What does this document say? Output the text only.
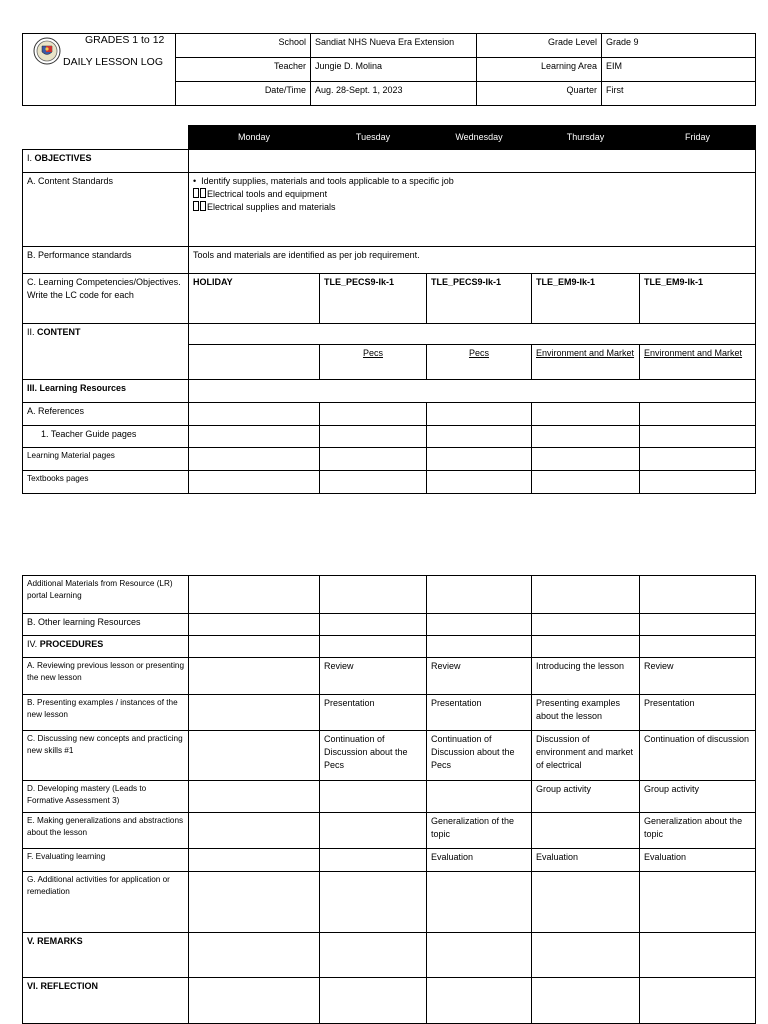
GRADES 1 to 12
DAILY LESSON LOG	School	Sandiat NHS Nueva Era Extension	Grade Level	Grade 9
	Teacher	Jungie D. Molina	Learning Area	EIM
	Date/Time	Aug. 28-Sept. 1, 2023	Quarter	First
	Monday	Tuesday	Wednesday	Thursday	Friday
I. OBJECTIVES					
A. Content Standards	•  Identify supplies, materials and tools applicable to a specific job

Electrical tools and equipment

Electrical supplies and materials				

B. Performance standards	Tools and materials are identified as per job requirement.				
C. Learning Competencies/Objectives. Write the LC code for each	HOLIDAY	TLE_PECS9-Ik-1	TLE_PECS9-Ik-1	TLE_EM9-Ik-1	TLE_EM9-Ik-1
II. CONTENT					
		Pecs	Pecs	Environment and Market	Environment and Market
III. Learning Resources					
A. References					
1. Teacher Guide pages					
Learning Material pages					
Textbooks pages					
Additional Materials from Resource (LR) portal Learning					
B. Other learning Resources					
IV. PROCEDURES					
A. Reviewing previous lesson or presenting the new lesson		Review	Review	Introducing the lesson	Review
B. Presenting examples / instances of the new lesson		Presentation	Presentation	Presenting examples about the lesson	Presentation
C. Discussing new concepts and practicing new skills #1		Continuation of Discussion about the Pecs	Continuation of Discussion about the Pecs	Discussion of environment and market of electrical	Continuation of discussion
D. Developing mastery (Leads to Formative Assessment 3)				Group activity	Group activity
E. Making generalizations and abstractions about the lesson			Generalization of the topic		Generalization about the topic
F. Evaluating learning			Evaluation	Evaluation	Evaluation
G. Additional activities for application or remediation					
V. REMARKS					
VI. REFLECTION					
